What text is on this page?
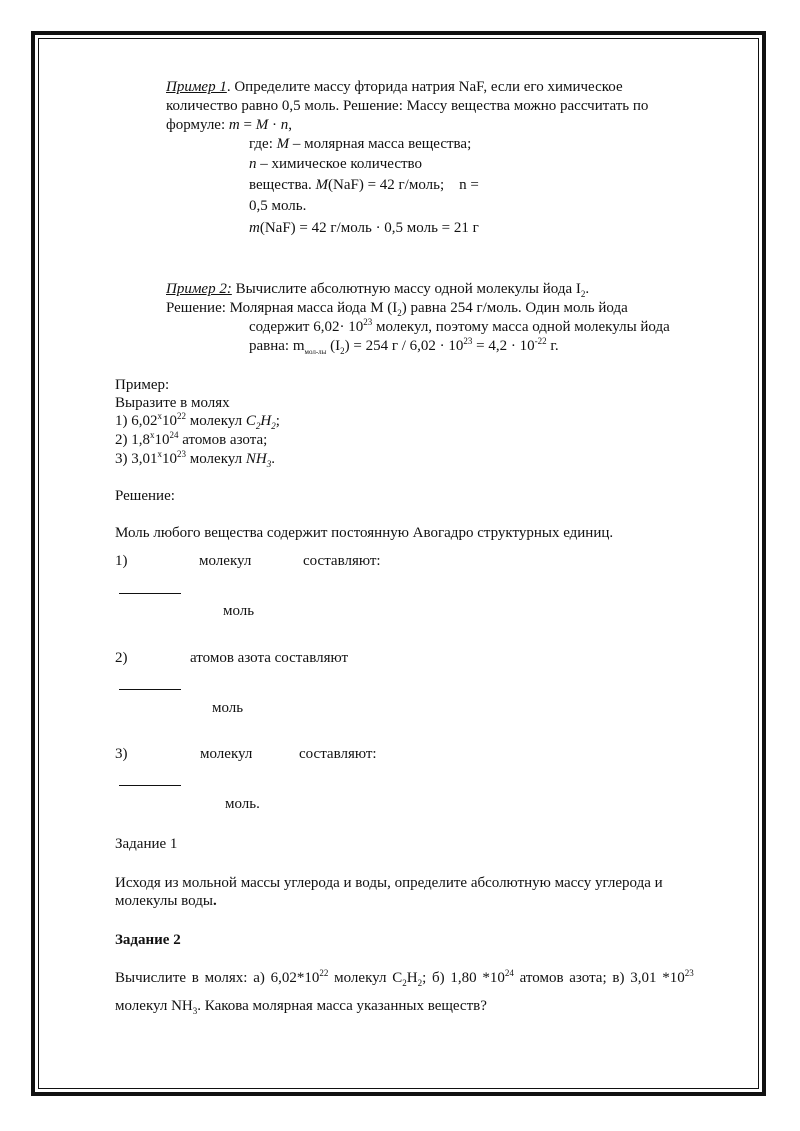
Пример 1. Определите массу фторида натрия NaF, если его химическое
количество равно 0,5 моль. Решение: Массу вещества можно рассчитать по
формуле: m = M · n,
где: M – молярная масса вещества;
n – химическое количество
вещества. M(NaF) = 42 г/моль;    n =
0,5 моль.
m(NaF) = 42 г/моль · 0,5 моль = 21 г
Пример 2: Вычислите абсолютную массу одной молекулы йода $I_2$.
Решение: Молярная масса йода М $(I_2)$ равна 254 г/моль. Один моль йода
содержит $6,02\cdot 10^{23}$ молекул, поэтому масса одной молекулы йода
равна: $m_{мол-лы}$ $(I_2) = 254$ $г / 6,02 \cdot 10^{23} = 4,2 \cdot 10^{-22}$ г.
Пример:
Выразите в молях
1) $6,02^x10^{22}$ молекул $C_2H_2$;
2) $1,8^x10^{24}$ атомов азота;
3) $3,01^x10^{23}$ молекул $NH_3$.
Решение:
Моль любого вещества содержит постоянную Авогадро структурных единиц.
1)	молекул	составляют:
моль
2)	атомов азота составляют
моль
3)	молекул	составляют:
моль.
Задание 1
Исходя из мольной массы углерода и воды, определите абсолютную массу углерода и
молекулы воды.
Задание 2
Вычислите в молях: а) $6,02*10^{22}$ молекул $С_2Н_2$; б) 1,80 $*10^{24}$ атомов азота; в) 3,01 $*10^{23}$
молекул $NH_3$. Какова молярная масса указанных веществ?
